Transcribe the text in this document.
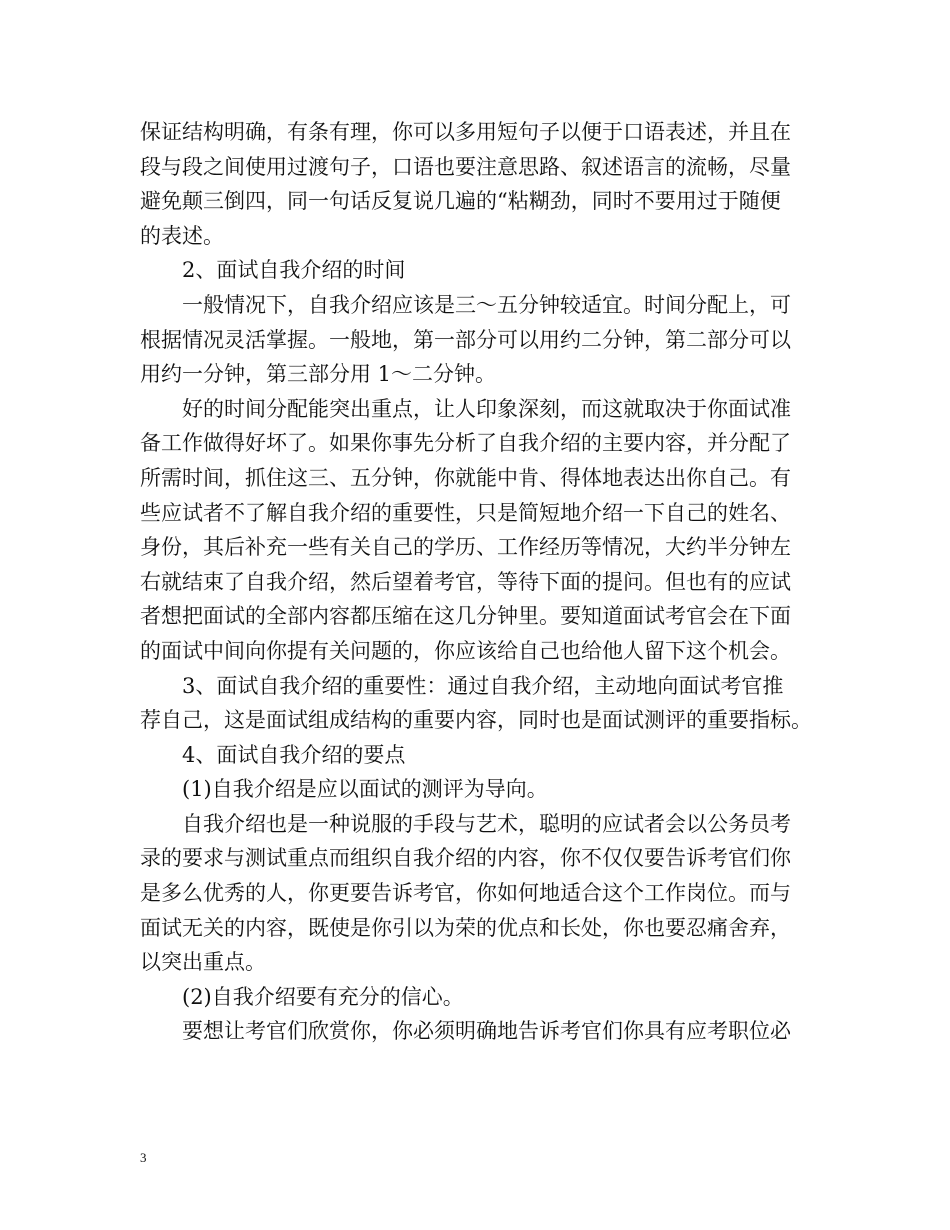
保证结构明确，有条有理，你可以多用短句子以便于口语表述，并且在
段与段之间使用过渡句子，口语也要注意思路、叙述语言的流畅，尽量
避免颠三倒四，同一句话反复说几遍的“粘糊劲，同时不要用过于随便
的表述。
2、面试自我介绍的时间
一般情况下，自我介绍应该是三～五分钟较适宜。时间分配上，可
根据情况灵活掌握。一般地，第一部分可以用约二分钟，第二部分可以
用约一分钟，第三部分用 1～二分钟。
好的时间分配能突出重点，让人印象深刻，而这就取决于你面试准
备工作做得好坏了。如果你事先分析了自我介绍的主要内容，并分配了
所需时间，抓住这三、五分钟，你就能中肯、得体地表达出你自己。有
些应试者不了解自我介绍的重要性，只是简短地介绍一下自己的姓名、
身份，其后补充一些有关自己的学历、工作经历等情况，大约半分钟左
右就结束了自我介绍，然后望着考官，等待下面的提问。但也有的应试
者想把面试的全部内容都压缩在这几分钟里。要知道面试考官会在下面
的面试中间向你提有关问题的，你应该给自己也给他人留下这个机会。
3、面试自我介绍的重要性：通过自我介绍，主动地向面试考官推
荐自己，这是面试组成结构的重要内容，同时也是面试测评的重要指标。
4、面试自我介绍的要点
(1)自我介绍是应以面试的测评为导向。
自我介绍也是一种说服的手段与艺术，聪明的应试者会以公务员考
录的要求与测试重点而组织自我介绍的内容，你不仅仅要告诉考官们你
是多么优秀的人，你更要告诉考官，你如何地适合这个工作岗位。而与
面试无关的内容，既使是你引以为荣的优点和长处，你也要忍痛舍弃，
以突出重点。
(2)自我介绍要有充分的信心。
要想让考官们欣赏你，你必须明确地告诉考官们你具有应考职位必
3
